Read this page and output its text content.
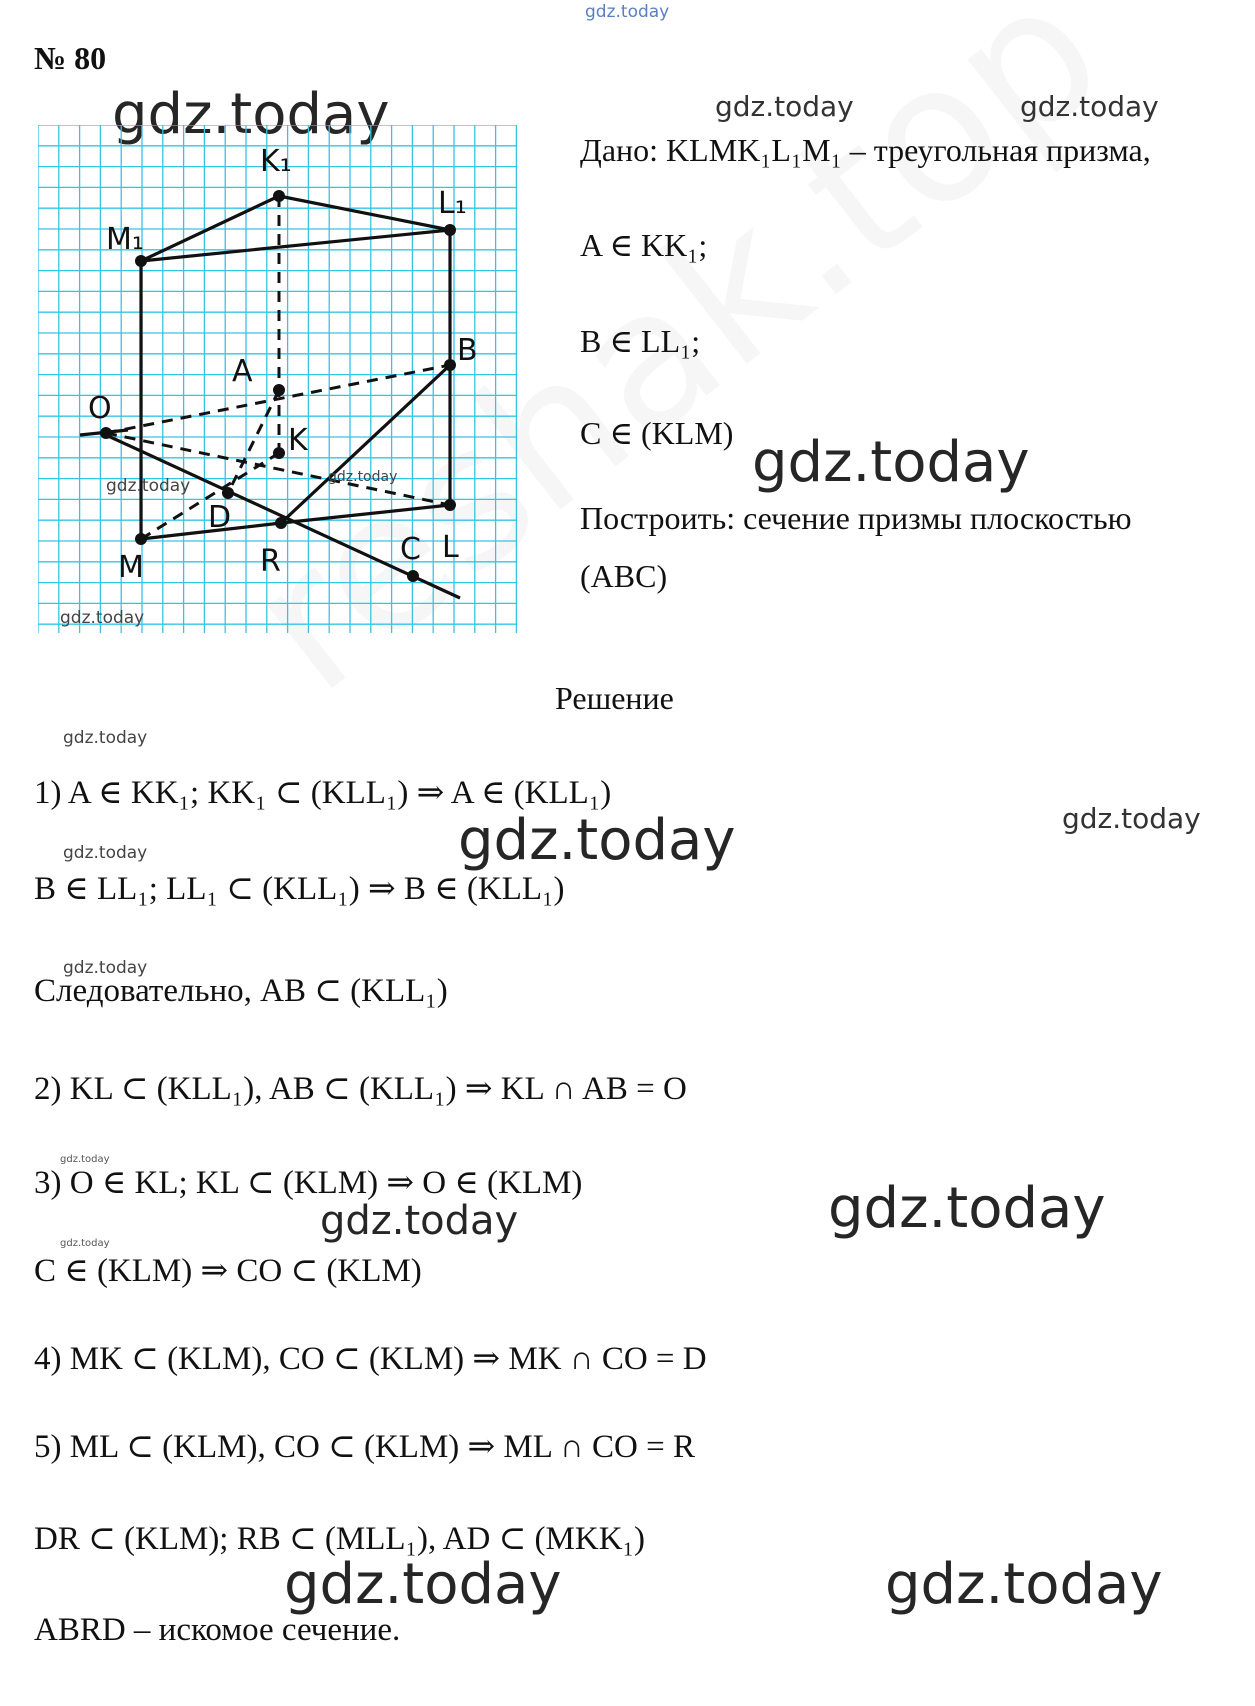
gdz.today
№ 80
gdz.today	gdz.today	gdz.today
K₁
L₁
M₁
A
B
O
K
D
M	R	C L
gdz.today	gdz.today
gdz.today
Дано: KLMK₁L₁M₁ – треугольная призма,
A ∈ KK₁;
B ∈ LL₁;
C ∈ (KLM) gdz.today
Построить: сечение призмы плоскостью
(ABC)
Решение
gdz.today
1) A ∈ KK₁; KK₁ ⊂ (KLL₁) ⇒ A ∈ (KLL₁)
gdz.today
gdz.today	gdz.today
B ∈ LL₁; LL₁ ⊂ (KLL₁) ⇒ B ∈ (KLL₁)
gdz.today
Следовательно, AB ⊂ (KLL₁)
2) KL ⊂ (KLL₁), AB ⊂ (KLL₁) ⇒ KL ∩ AB = O
gdz.today
3) O ∈ KL; KL ⊂ (KLM) ⇒ O ∈ (KLM)	gdz.today
gdz.today
gdz.today
C ∈ (KLM) ⇒ CO ⊂ (KLM)
4) MK ⊂ (KLM), CO ⊂ (KLM) ⇒ MK ∩ CO = D
5) ML ⊂ (KLM), CO ⊂ (KLM) ⇒ ML ∩ CO = R
DR ⊂ (KLM); RB ⊂ (MLL₁), AD ⊂ (MKK₁)
gdz.today	gdz.today
ABRD – искомое сечение.
